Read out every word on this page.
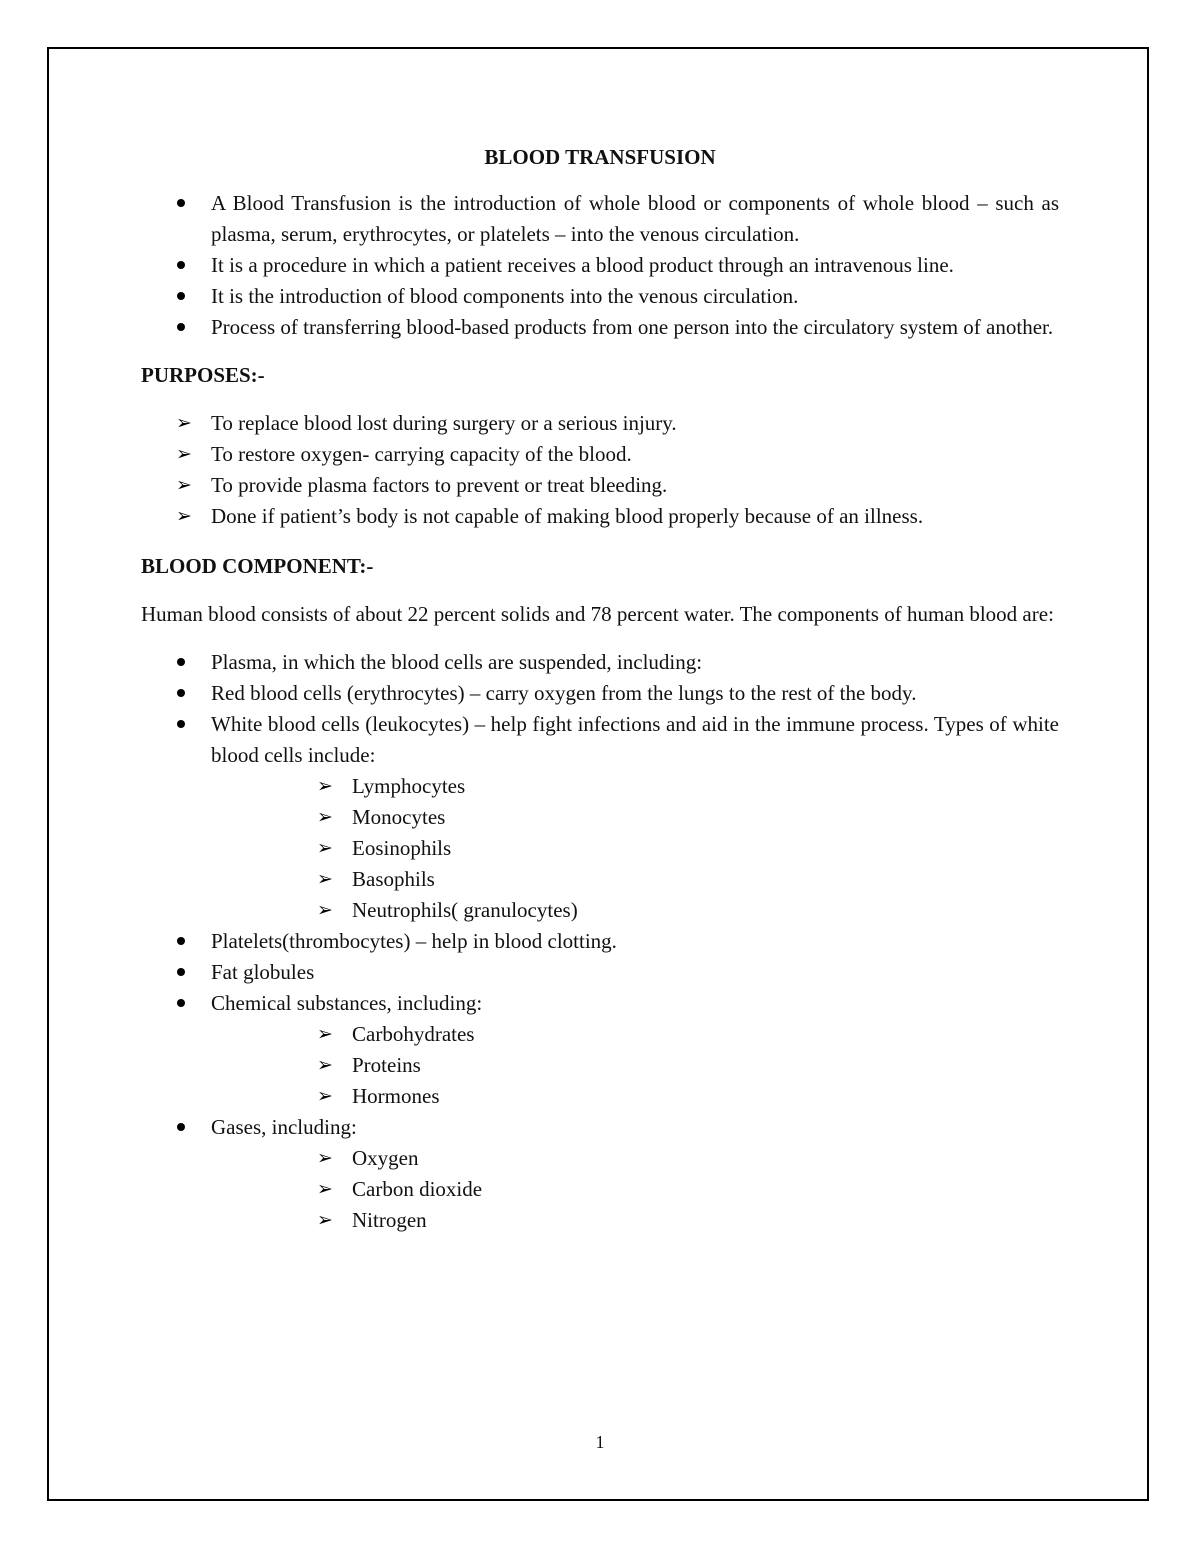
BLOOD TRANSFUSION
A Blood Transfusion is the introduction of whole blood or components of whole blood – such as plasma, serum, erythrocytes, or platelets – into the venous circulation.
It is a procedure in which a patient receives a blood product through an intravenous line.
It is the introduction of blood components into the venous circulation.
Process of transferring blood-based products from one person into the circulatory system of another.
PURPOSES:-
➢ To replace blood lost during surgery or a serious injury.
➢ To restore oxygen- carrying capacity of the blood.
➢ To provide plasma factors to prevent or treat bleeding.
➢ Done if patient’s body is not capable of making blood properly because of an illness.
BLOOD COMPONENT:-
Human blood consists of about 22 percent solids and 78 percent water. The components of human blood are:
Plasma, in which the blood cells are suspended, including:
Red blood cells (erythrocytes) – carry oxygen from the lungs to the rest of the body.
White blood cells (leukocytes) – help fight infections and aid in the immune process. Types of white blood cells include:
➢ Lymphocytes
➢ Monocytes
➢ Eosinophils
➢ Basophils
➢ Neutrophils( granulocytes)
Platelets(thrombocytes) – help in blood clotting.
Fat globules
Chemical substances, including:
➢ Carbohydrates
➢ Proteins
➢ Hormones
Gases, including:
➢ Oxygen
➢ Carbon dioxide
➢ Nitrogen
1
